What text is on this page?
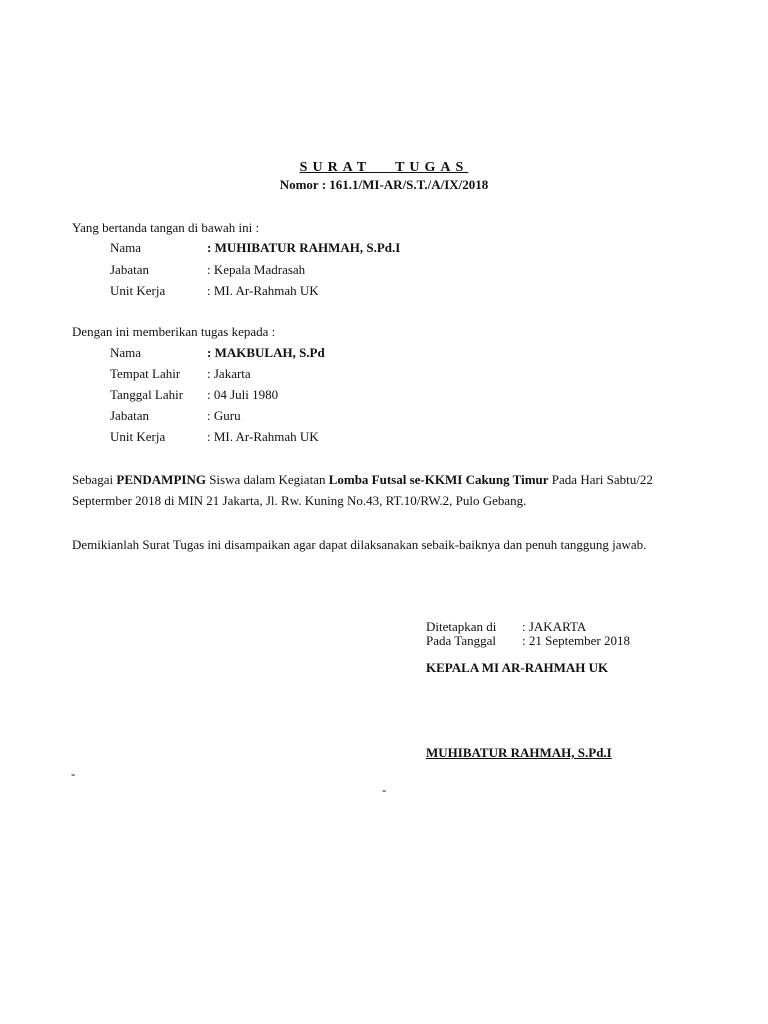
SURAT TUGAS
Nomor : 161.1/MI-AR/S.T./A/IX/2018
Yang bertanda tangan di bawah ini :
Nama	: MUHIBATUR RAHMAH, S.Pd.I
Jabatan	: Kepala Madrasah
Unit Kerja	: MI. Ar-Rahmah UK
Dengan ini memberikan tugas kepada :
Nama	: MAKBULAH, S.Pd
Tempat Lahir : Jakarta
Tanggal Lahir : 04 Juli 1980
Jabatan	: Guru
Unit Kerja	: MI. Ar-Rahmah UK
Sebagai PENDAMPING Siswa dalam Kegiatan Lomba Futsal se-KKMI Cakung Timur Pada Hari Sabtu/22 Septermber 2018 di MIN 21 Jakarta, Jl. Rw. Kuning No.43, RT.10/RW.2, Pulo Gebang.
Demikianlah Surat Tugas ini disampaikan agar dapat dilaksanakan sebaik-baiknya dan penuh tanggung jawab.
Ditetapkan di : JAKARTA
Pada Tanggal : 21 September 2018
KEPALA MI AR-RAHMAH UK
MUHIBATUR RAHMAH, S.Pd.I
-
-
